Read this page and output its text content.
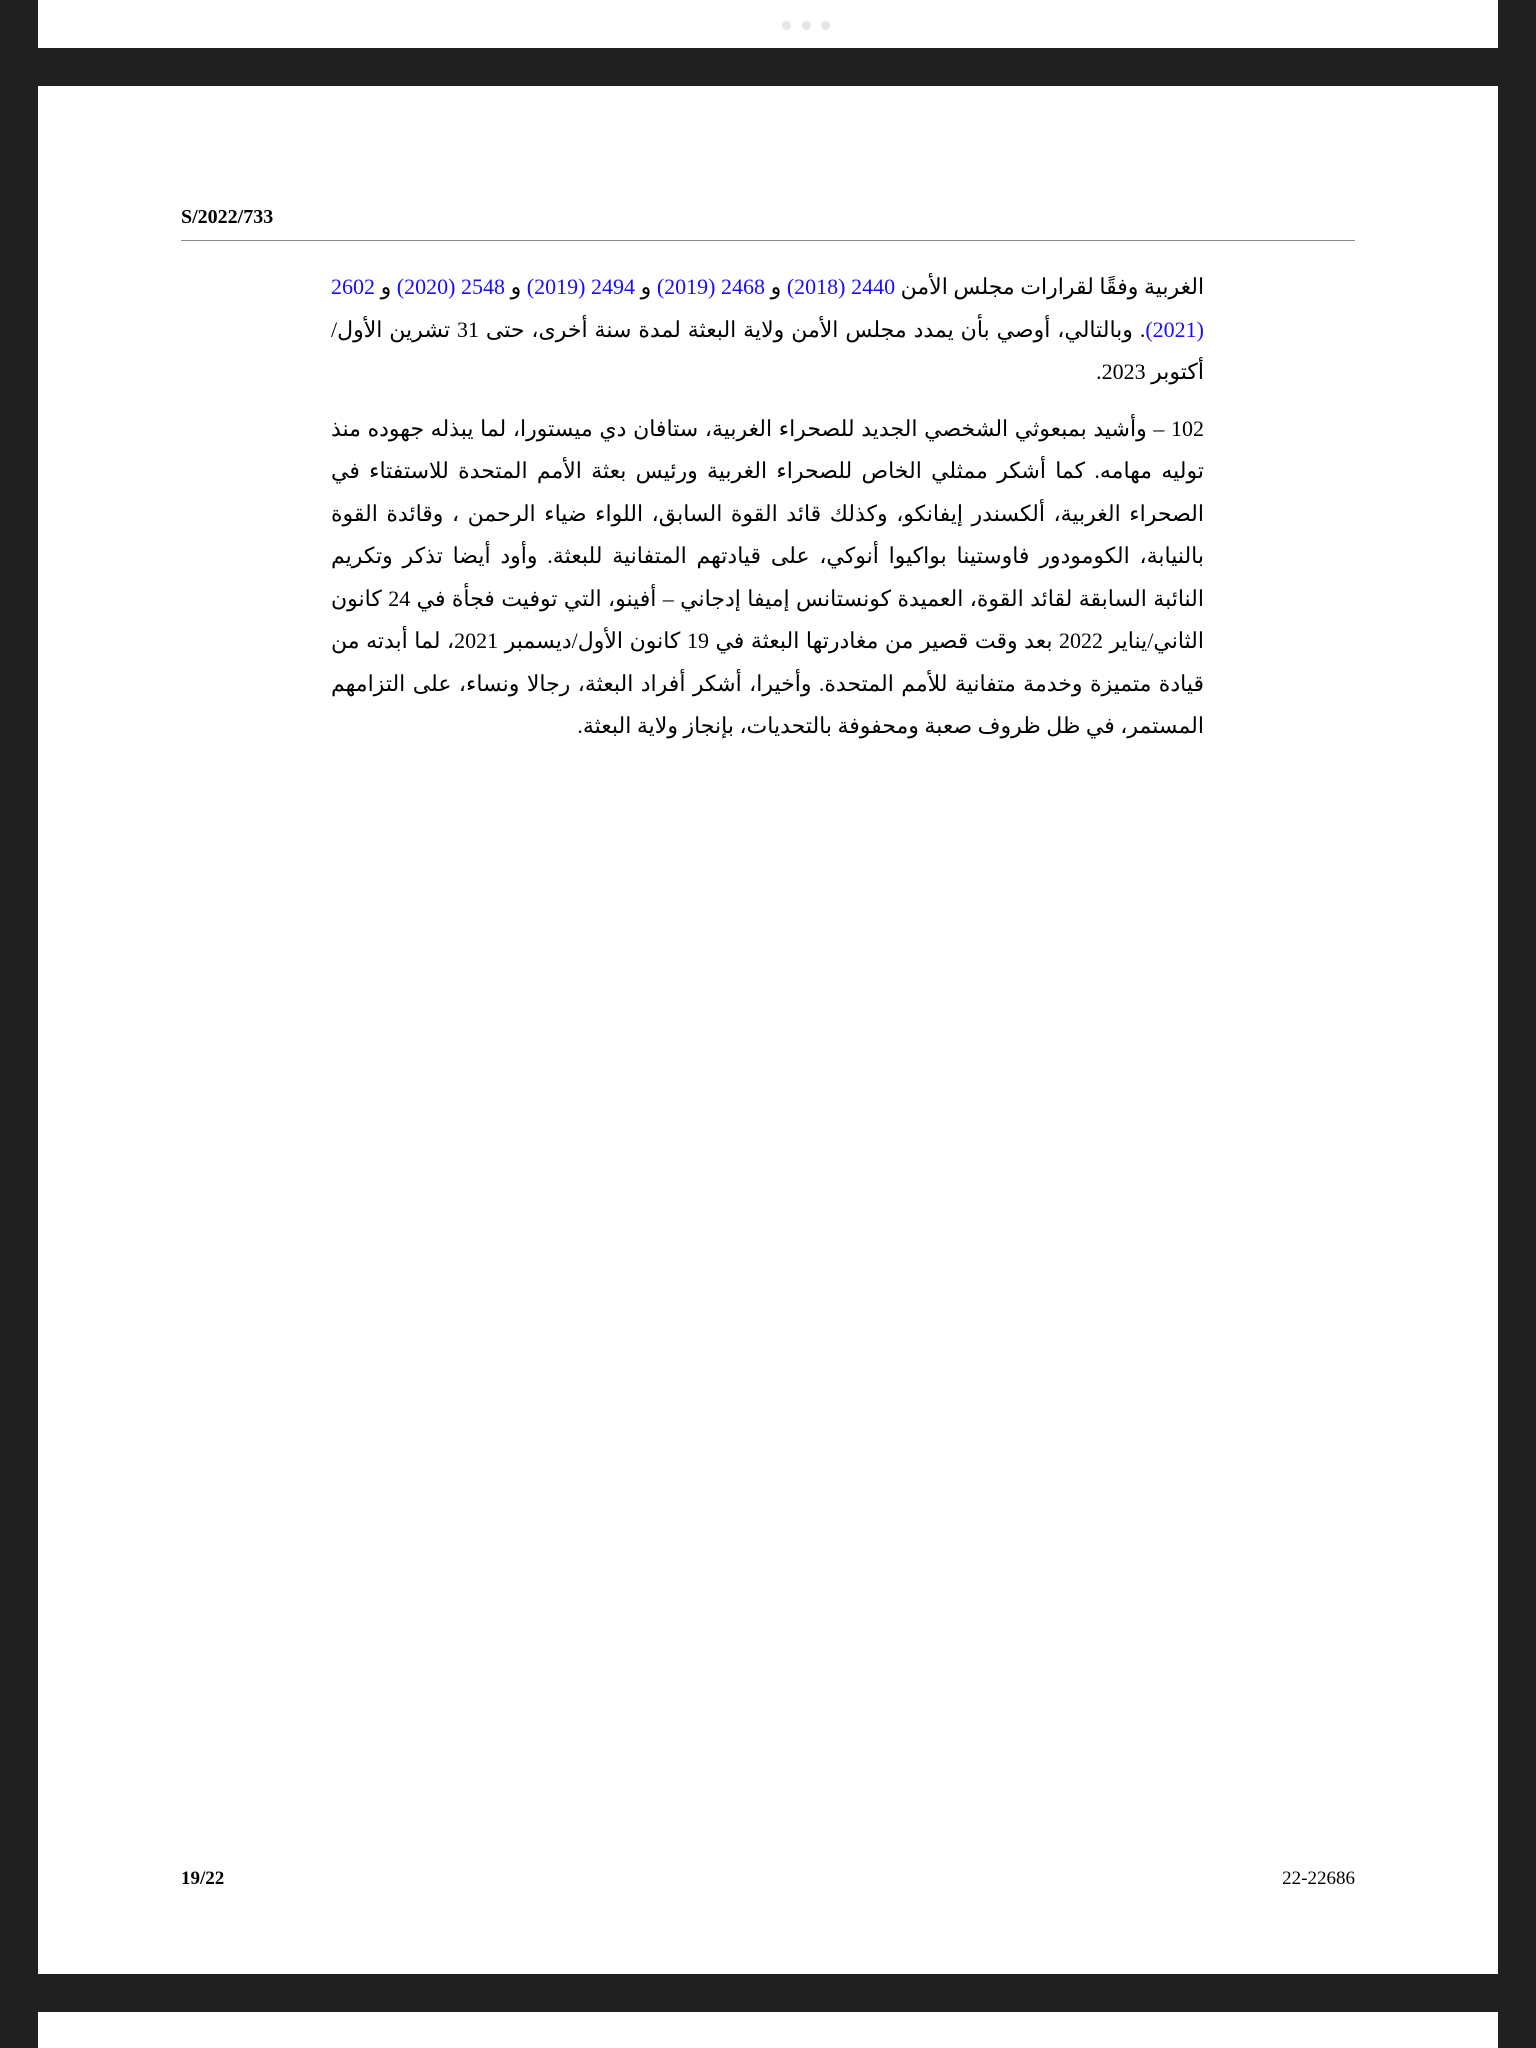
S/2022/733

الغربية وفقًا لقرارات مجلس الأمن 2440 (2018) و 2468 (2019) و 2494 (2019) و 2548 (2020) و 2602 (2021). وبالتالي، أوصي بأن يمدد مجلس الأمن ولاية البعثة لمدة سنة أخرى، حتى 31 تشرين الأول/أكتوبر 2023.

102 – وأشيد بمبعوثي الشخصي الجديد للصحراء الغربية، ستافان دي ميستورا، لما يبذله جهوده منذ توليه مهامه. كما أشكر ممثلي الخاص للصحراء الغربية ورئيس بعثة الأمم المتحدة للاستفتاء في الصحراء الغربية، ألكسندر إيفانكو، وكذلك قائد القوة السابق، اللواء ضياء الرحمن ، وقائدة القوة بالنيابة، الكومودور فاوستينا بواكيوا أنوكي، على قيادتهم المتفانية للبعثة. وأود أيضا تذكر وتكريم النائبة السابقة لقائد القوة، العميدة كونستانس إميفا إدجاني – أفينو، التي توفيت فجأة في 24 كانون الثاني/يناير 2022 بعد وقت قصير من مغادرتها البعثة في 19 كانون الأول/ديسمبر 2021، لما أبدته من قيادة متميزة وخدمة متفانية للأمم المتحدة. وأخيرا، أشكر أفراد البعثة، رجالا ونساء، على التزامهم المستمر، في ظل ظروف صعبة ومحفوفة بالتحديات، بإنجاز ولاية البعثة.

19/22	22-22686
